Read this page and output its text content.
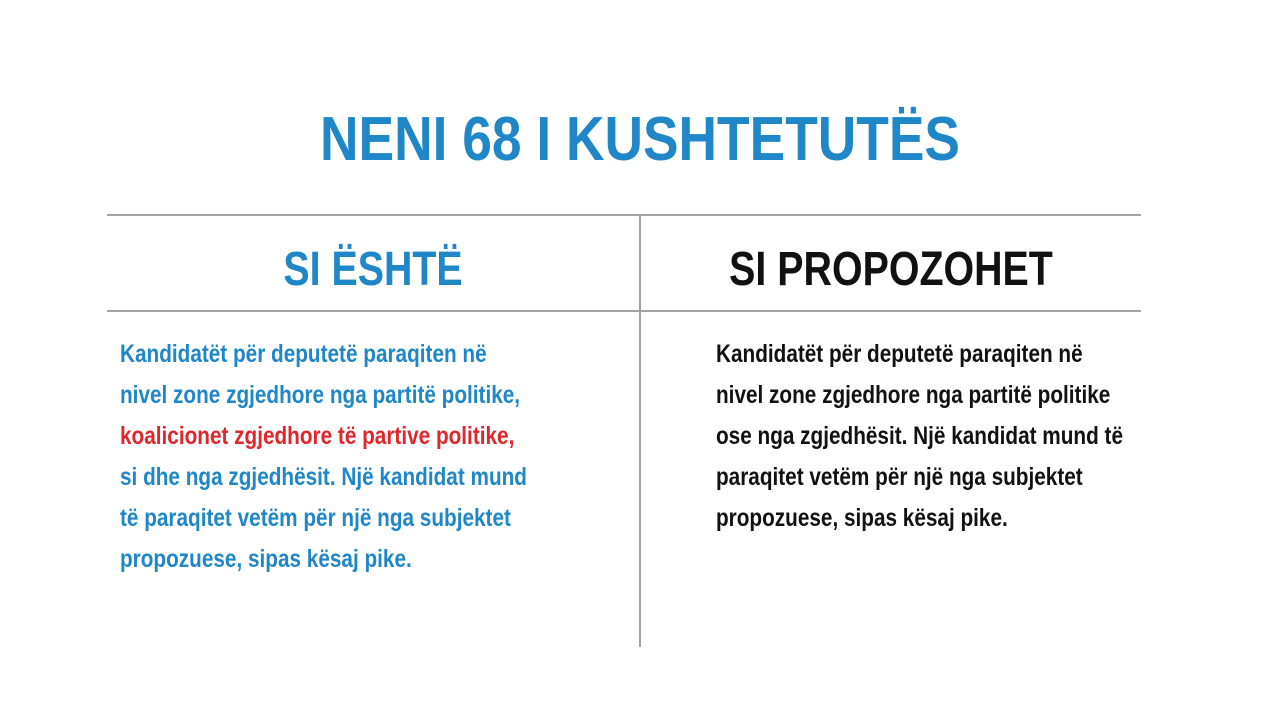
NENI 68 I KUSHTETUTËS
SI ËSHTË	SI PROPOZOHET
Kandidatët për deputetë paraqiten në
nivel zone zgjedhore nga partitë politike,
koalicionet zgjedhore të partive politike,
si dhe nga zgjedhësit. Një kandidat mund
të paraqitet vetëm për një nga subjektet
propozuese, sipas kësaj pike.
Kandidatët për deputetë paraqiten në
nivel zone zgjedhore nga partitë politike
ose nga zgjedhësit. Një kandidat mund të
paraqitet vetëm për një nga subjektet
propozuese, sipas kësaj pike.
